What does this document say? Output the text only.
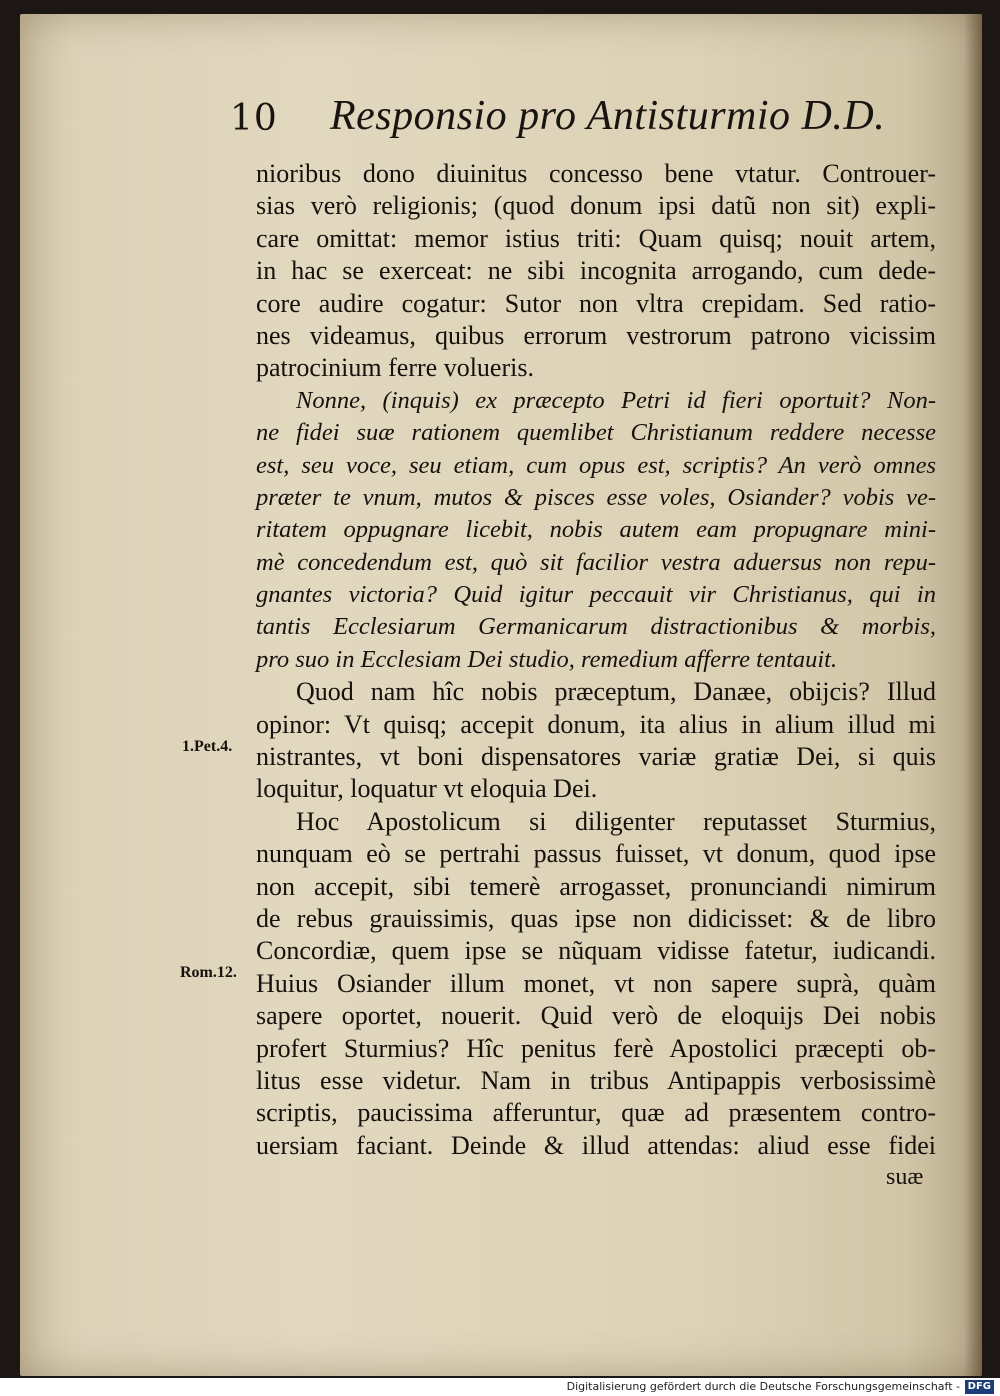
10 Responsio pro Antisturmio D.D.
nioribus dono diuinitus concesso bene vtatur. Controuer-
sias verò religionis; (quod donum ipsi datũ non sit) expli-
care omittat: memor istius triti: Quam quisq; nouit artem,
in hac se exerceat: ne sibi incognita arrogando, cum dede-
core audire cogatur: Sutor non vltra crepidam. Sed ratio-
nes videamus, quibus errorum vestrorum patrono vicissim
patrocinium ferre volueris.
Nonne, (inquis) ex præcepto Petri id fieri oportuit? Non-
ne fidei suæ rationem quemlibet Christianum reddere necesse
est, seu voce, seu etiam, cum opus est, scriptis? An verò omnes
præter te vnum, mutos & pisces esse voles, Osiander? vobis ve-
ritatem oppugnare licebit, nobis autem eam propugnare mini-
mè concedendum est, quò sit facilior vestra aduersus non repu-
gnantes victoria? Quid igitur peccauit vir Christianus, qui in
tantis Ecclesiarum Germanicarum distractionibus & morbis,
pro suo in Ecclesiam Dei studio, remedium afferre tentauit.
Quod nam hîc nobis præceptum, Danæe, obijcis? Illud
opinor: Vt quisq; accepit donum, ita alius in alium illud mi
nistrantes, vt boni dispensatores variæ gratiæ Dei, si quis
loquitur, loquatur vt eloquia Dei.
Hoc Apostolicum si diligenter reputasset Sturmius,
nunquam eò se pertrahi passus fuisset, vt donum, quod ipse
non accepit, sibi temerè arrogasset, pronunciandi nimirum
de rebus grauissimis, quas ipse non didicisset: & de libro
Concordiæ, quem ipse se nũquam vidisse fatetur, iudicandi.
Huius Osiander illum monet, vt non sapere suprà, quàm
sapere oportet, nouerit. Quid verò de eloquijs Dei nobis
profert Sturmius? Hîc penitus ferè Apostolici præcepti ob-
litus esse videtur. Nam in tribus Antipappis verbosissimè
scriptis, paucissima afferuntur, quæ ad præsentem contro-
uersiam faciant. Deinde & illud attendas: aliud esse fidei
1.Pet.4.
Rom.12.
suæ
Digitalisierung gefördert durch die Deutsche Forschungsgemeinschaft - DFG
